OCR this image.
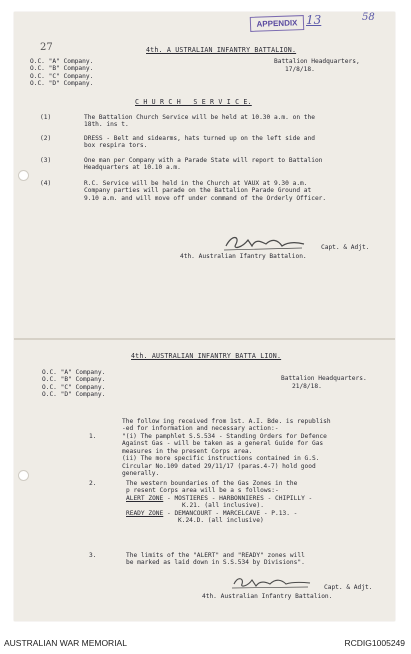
APPENDIX 13	58
27	4th. A USTRALIAN INFANTRY BATTALION.
O.C. "A" Company.
O.C. "B" Company.
O.C. "C" Company.
O.C. "D" Company.
Battalion Headquarters,
17/8/18.
C H U R C H   S E R V I C E.
(1)	The Battalion Church Service will be held at 10.30 a.m. on the
18th. ins t.
(2)	DRESS - Belt and sidearms, hats turned up on the left side and
box respira tors.
(3)	One man per Company with a Parade State will report to Battalion
Headquarters at 10.10 a.m.
(4)	R.C. Service will be held in the Church at VAUX at 9.30 a.m.
Company parties will parade on the Battalion Parade Ground at
9.10 a.m. and will move off under command of the Orderly Officer.
Capt. & Adjt.
4th. Australian Ifantry Battalion.
4th. AUSTRALIAN INFANTRY BATTA LION.
O.C. "A" Company.
O.C. "B" Company.
O.C. "C" Company.
O.C. "D" Company.
Battalion Headquarters.
21/8/18.
The follow ing received from 1st. A.I. Bde. is republish
-ed for information and necessary action:-
1.	"(i) The pamphlet S.S.534 - Standing Orders for Defence
Against Gas - will be taken as a general Guide for Gas
measures in the present Corps area.
(ii) The more specific instructions contained in G.S.
Circular No.109 dated 29/11/17 (paras.4-7) hold good
generally.
2.	The western boundaries of the Gas Zones in the
p resent Corps area will be a s follows:-
ALERT ZONE - MOSTIERES - HARBONNIERES - CHIPILLY -
K.21. (all inclusive).
READY ZONE - DEMANCOURT - MARCELCAVE - P.13. -
K.24.D. (all inclusive)
3.	The limits of the "ALERT" and "READY" zones will
be marked as laid down in S.S.534 by Divisions".
Capt. & Adjt.
4th. Australian Infantry Battalion.
AUSTRALIAN WAR MEMORIAL	RCDIG1005249
